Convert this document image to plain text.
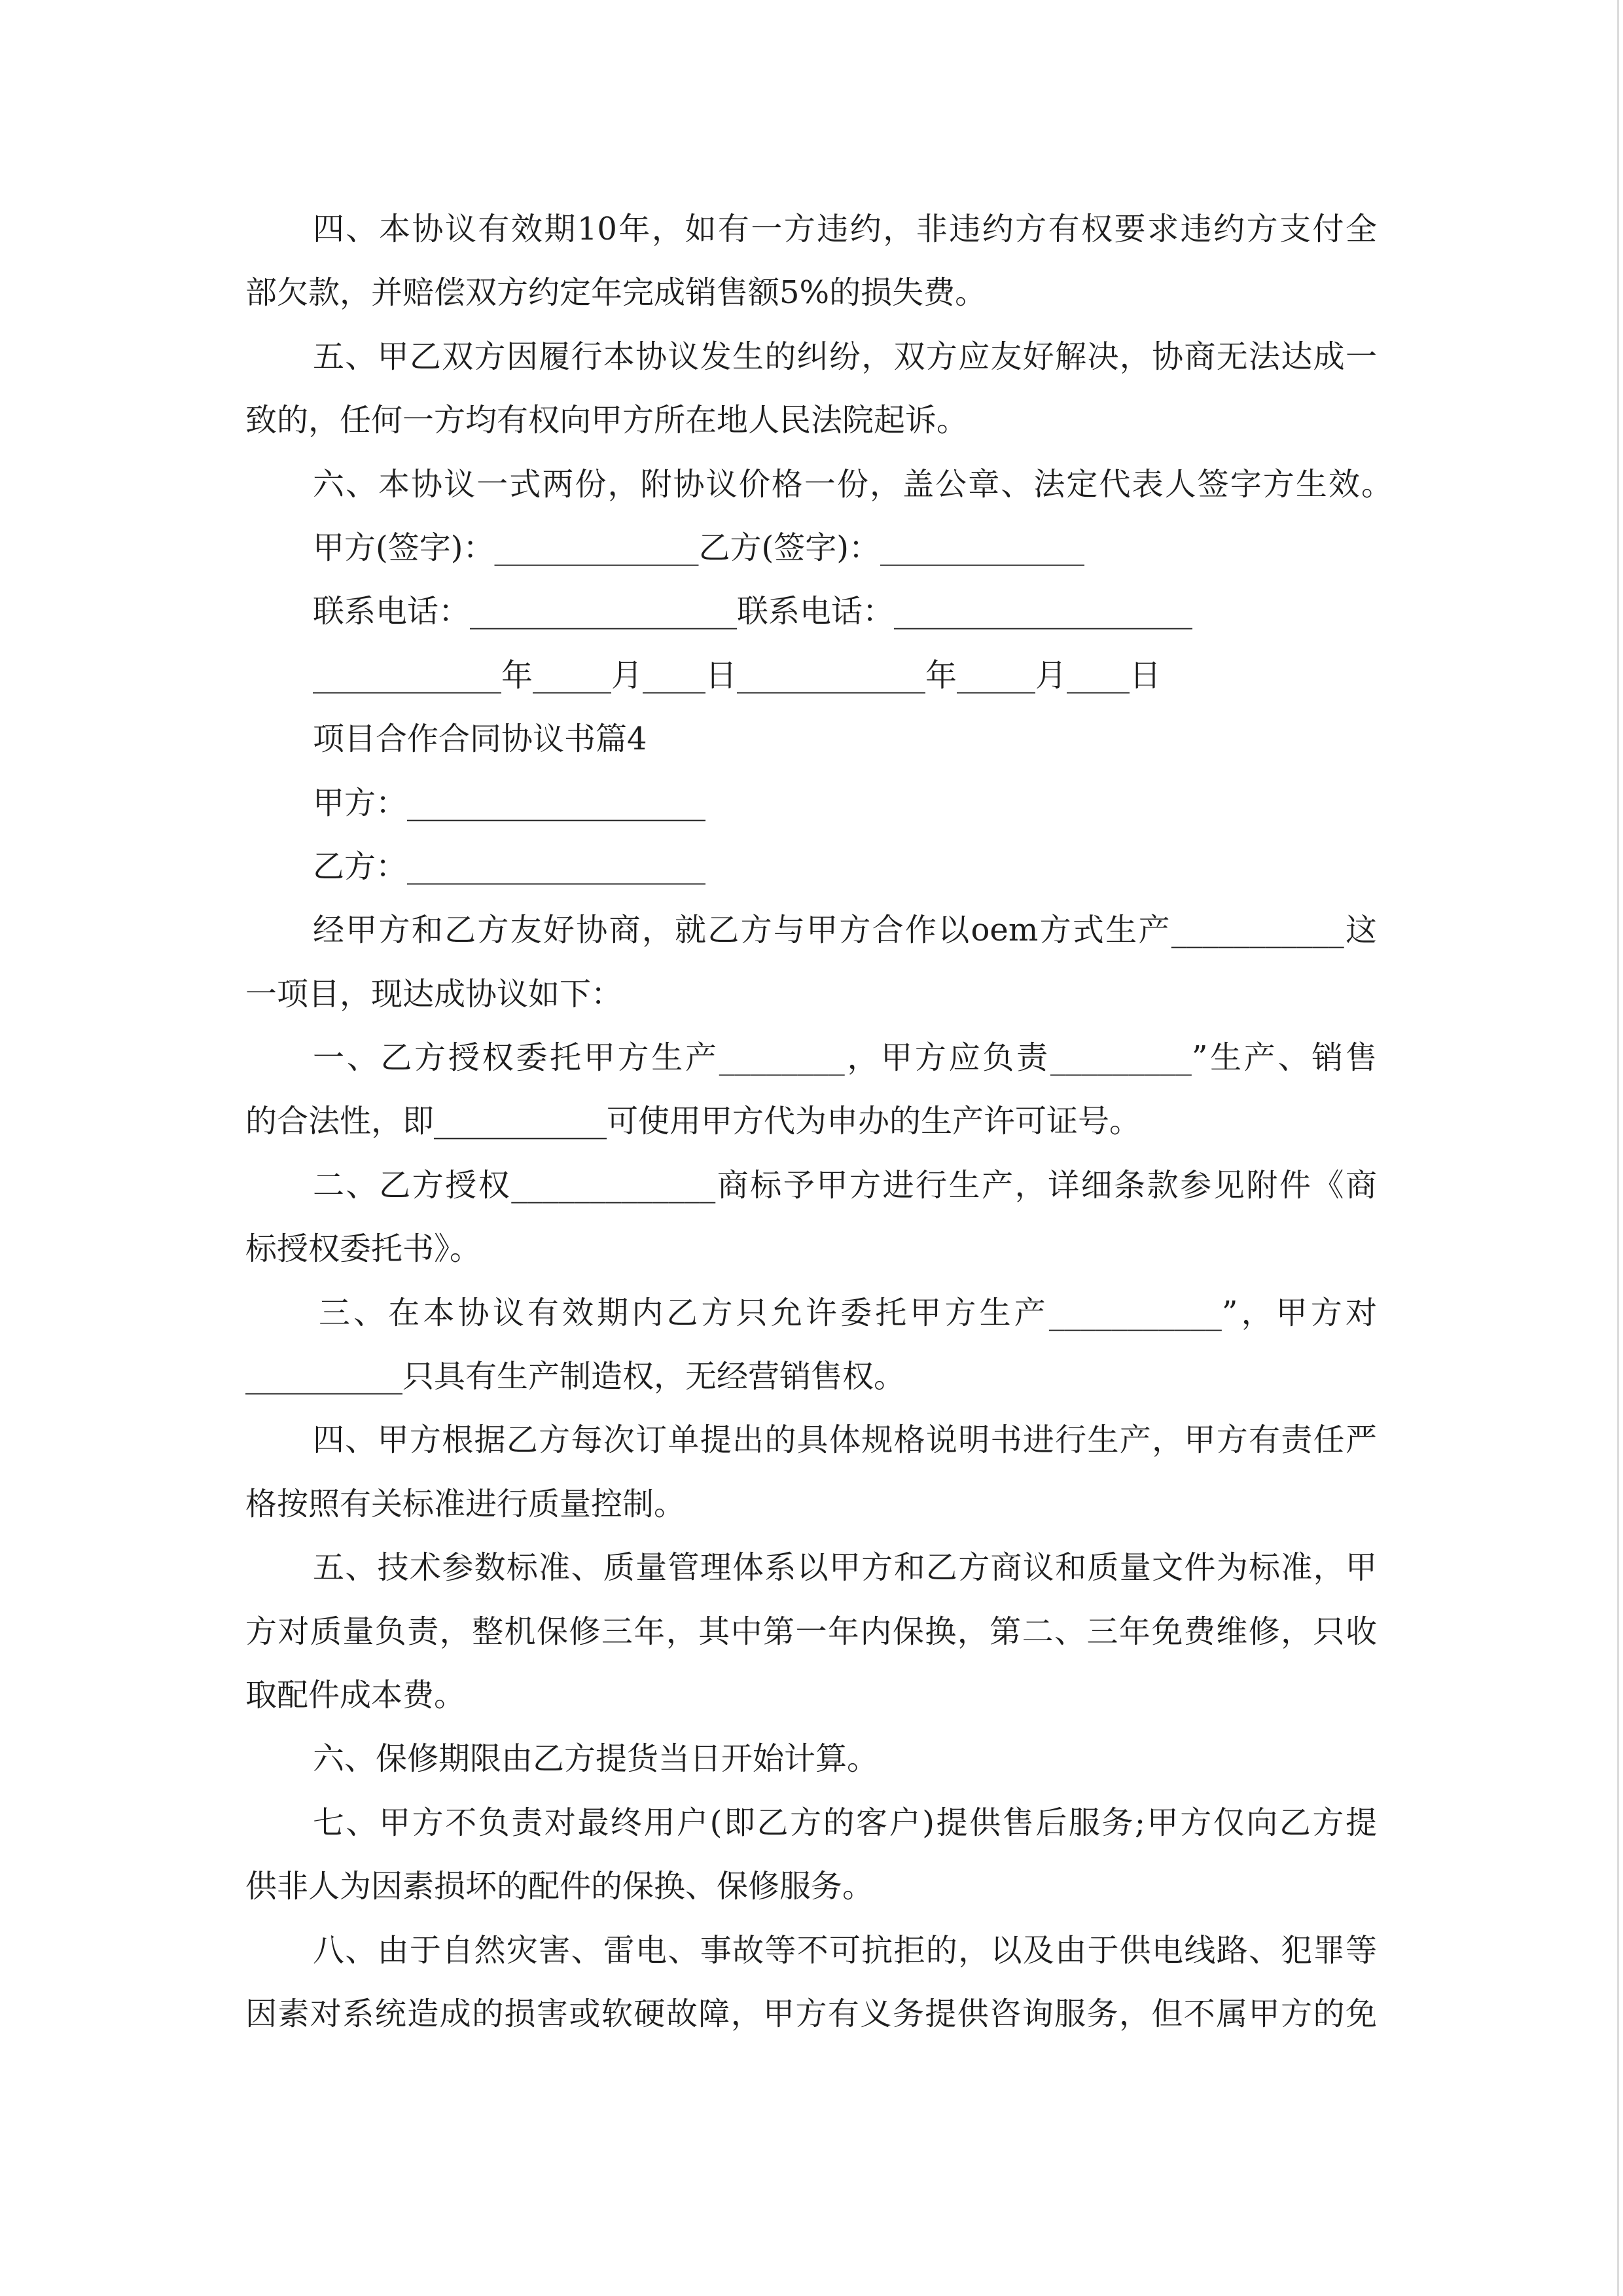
四、本协议有效期10年，如有一方违约，非违约方有权要求违约方支付全
部欠款，并赔偿双方约定年完成销售额5%的损失费。
五、甲乙双方因履行本协议发生的纠纷，双方应友好解决，协商无法达成一
致的，任何一方均有权向甲方所在地人民法院起诉。
六、本协议一式两份，附协议价格一份，盖公章、法定代表人签字方生效。
甲方(签字)：_____________乙方(签字)：_____________
联系电话：_________________联系电话：___________________
____________年_____月____日____________年_____月____日
项目合作合同协议书篇4
甲方：___________________
乙方：___________________
经甲方和乙方友好协商，就乙方与甲方合作以oem方式生产___________这
一项目，现达成协议如下：
一、乙方授权委托甲方生产________，甲方应负责_________”生产、销售
的合法性，即___________可使用甲方代为申办的生产许可证号。
二、乙方授权_____________商标予甲方进行生产，详细条款参见附件《商
标授权委托书》。
三、在本协议有效期内乙方只允许委托甲方生产___________”，甲方对
__________只具有生产制造权，无经营销售权。
四、甲方根据乙方每次订单提出的具体规格说明书进行生产，甲方有责任严
格按照有关标准进行质量控制。
五、技术参数标准、质量管理体系以甲方和乙方商议和质量文件为标准，甲
方对质量负责，整机保修三年，其中第一年内保换，第二、三年免费维修，只收
取配件成本费。
六、保修期限由乙方提货当日开始计算。
七、甲方不负责对最终用户(即乙方的客户)提供售后服务;甲方仅向乙方提
供非人为因素损坏的配件的保换、保修服务。
八、由于自然灾害、雷电、事故等不可抗拒的，以及由于供电线路、犯罪等
因素对系统造成的损害或软硬故障，甲方有义务提供咨询服务，但不属甲方的免
